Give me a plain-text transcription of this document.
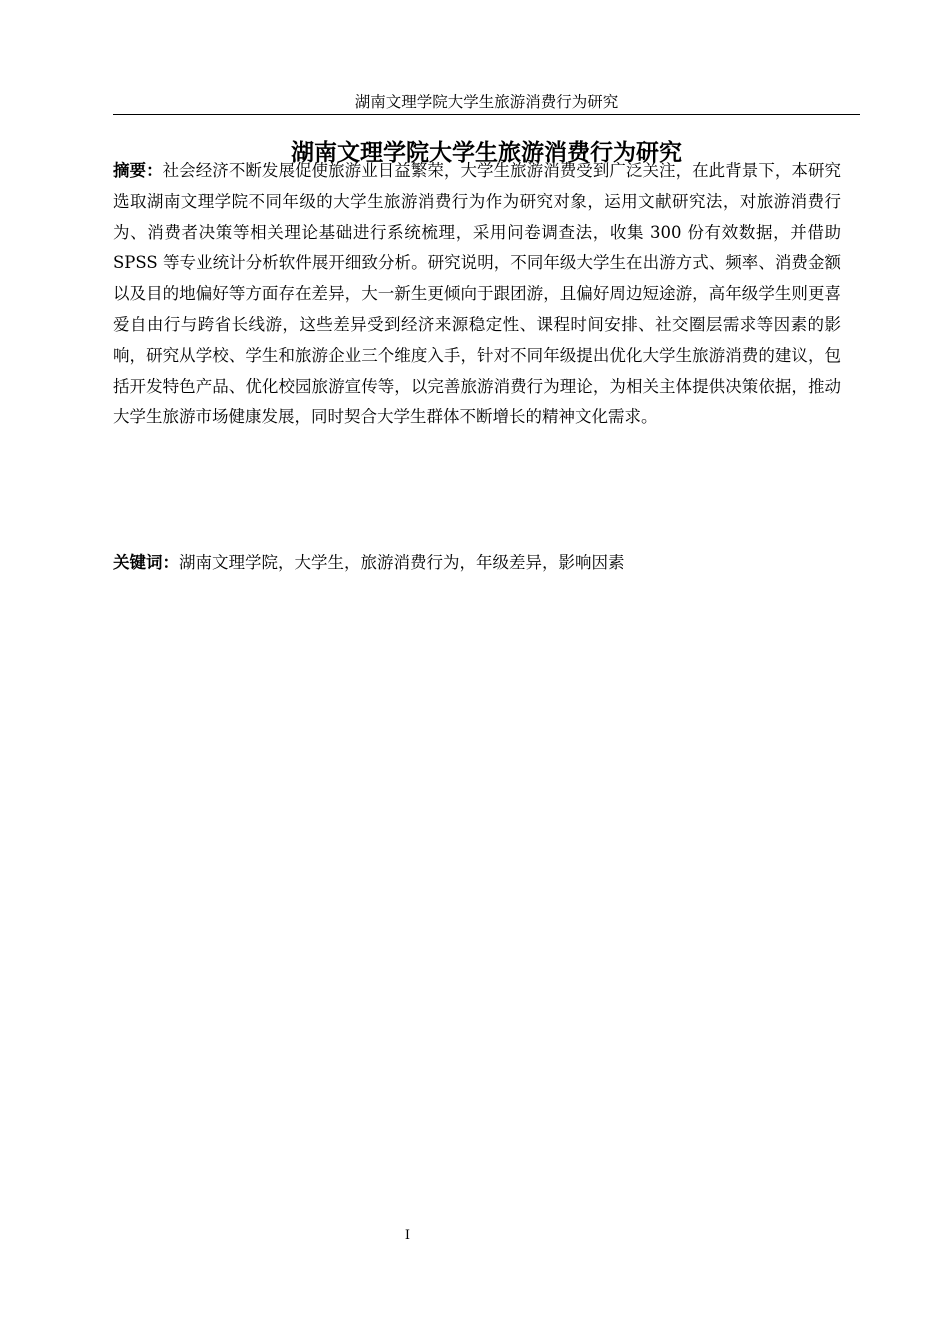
湖南文理学院大学生旅游消费行为研究
湖南文理学院大学生旅游消费行为研究
摘要：社会经济不断发展促使旅游业日益繁荣，大学生旅游消费受到广泛关注，在此背景下，本研究选取湖南文理学院不同年级的大学生旅游消费行为作为研究对象，运用文献研究法，对旅游消费行为、消费者决策等相关理论基础进行系统梳理，采用问卷调查法，收集 300 份有效数据，并借助 SPSS 等专业统计分析软件展开细致分析。研究说明，不同年级大学生在出游方式、频率、消费金额以及目的地偏好等方面存在差异，大一新生更倾向于跟团游，且偏好周边短途游，高年级学生则更喜爱自由行与跨省长线游，这些差异受到经济来源稳定性、课程时间安排、社交圈层需求等因素的影响，研究从学校、学生和旅游企业三个维度入手，针对不同年级提出优化大学生旅游消费的建议，包括开发特色产品、优化校园旅游宣传等，以完善旅游消费行为理论，为相关主体提供决策依据，推动大学生旅游市场健康发展，同时契合大学生群体不断增长的精神文化需求。
关键词：湖南文理学院，大学生，旅游消费行为，年级差异，影响因素
I
